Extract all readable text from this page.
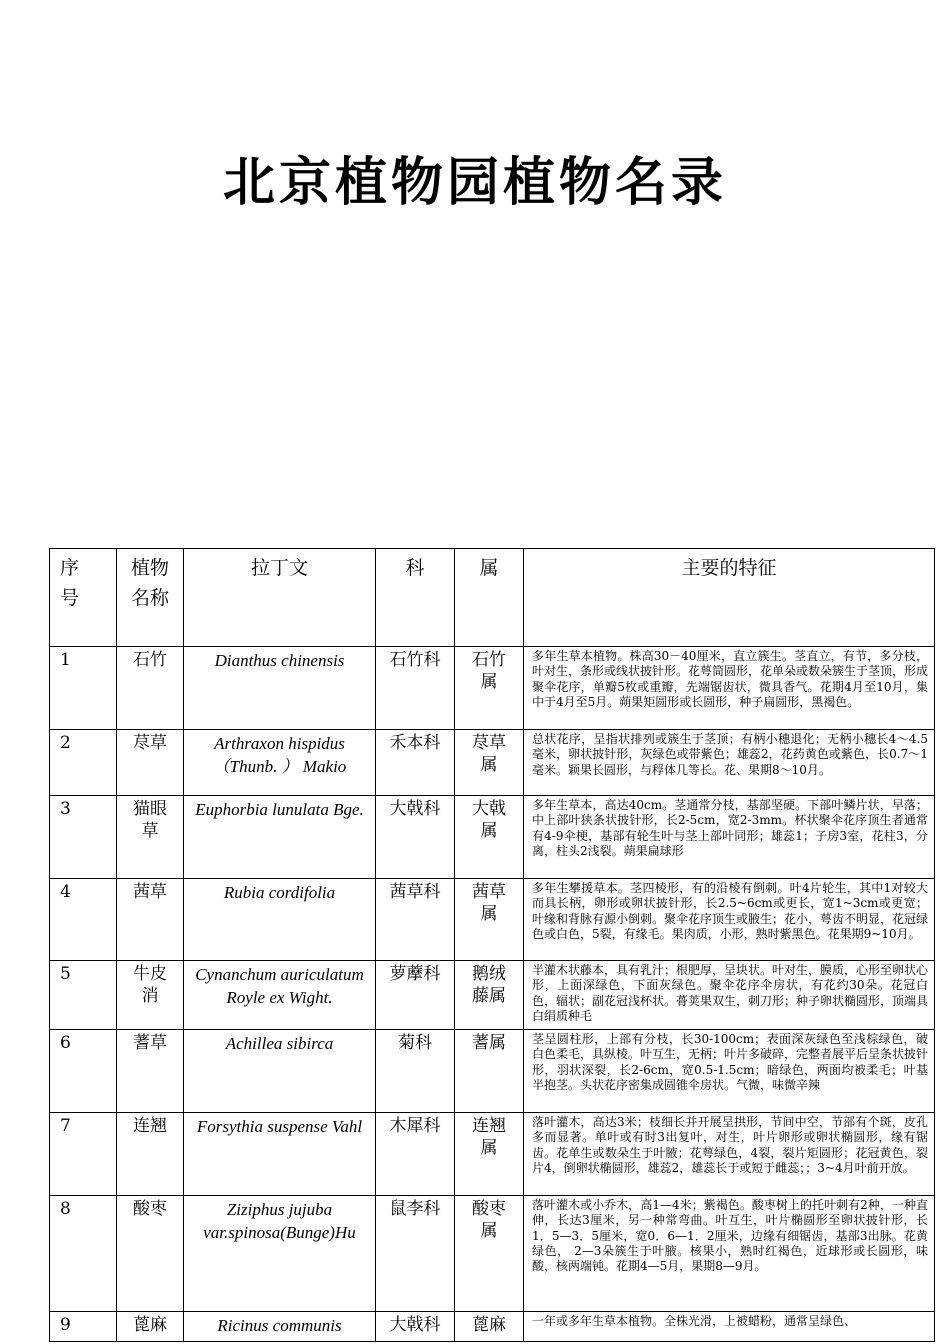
北京植物园植物名录
序号	植物名称	拉丁文	科	属	主要的特征
1	石竹	Dianthus chinensis	石竹科	石竹属	多年生草本植物。株高30－40厘米，直立簇生。茎直立，有节，多分枝，叶对生，条形或线状披针形。花萼筒圆形，花单朵或数朵簇生于茎顶，形成聚伞花序，单瓣5枚或重瓣，先端锯齿状，微具香气。花期4月至10月，集中于4月至5月。蒴果矩圆形或长圆形，种子扁圆形，黑褐色。
2	荩草	Arthraxon hispidus （Thunb. ） Makio	禾本科	荩草属	总状花序，呈指状排列或簇生于茎顶；有柄小穗退化；无柄小穗长4～4.5毫米，卵状披针形，灰绿色或带紫色；雄蕊2，花药黄色或紫色，长0.7～1毫米。颖果长圆形，与稃体几等长。花、果期8～10月。
3	猫眼草	Euphorbia lunulata Bge.	大戟科	大戟属	多年生草本，高达40cm。茎通常分枝，基部坚硬。下部叶鳞片状，早落；中上部叶狭条状披针形，长2-5cm，宽2-3mm。杯状聚伞花序顶生者通常有4-9伞梗，基部有轮生叶与茎上部叶同形；雄蕊1；子房3室，花柱3，分离，柱头2浅裂。蒴果扁球形
4	茜草	Rubia cordifolia	茜草科	茜草属	多年生攀援草本。茎四棱形，有的沿棱有倒刺。叶4片轮生，其中1对较大而具长柄，卵形或卵状披针形，长2.5~6cm或更长，宽1~3cm或更宽；叶缘和背脉有源小倒刺。聚伞花序顶生或腋生；花小，萼齿不明显，花冠绿色或白色，5裂，有缘毛。果肉质，小形，熟时紫黑色。花果期9~10月。
5	牛皮消	Cynanchum auriculatum Royle ex Wight.	萝藦科	鹅绒藤属	半灌木状藤本，具有乳汁；根肥厚，呈块状。叶对生，膜质，心形至卵状心形，上面深绿色，下面灰绿色。聚伞花序伞房状，有花约30朵。花冠白色，辐状；副花冠浅杯状。蓇荚果双生，刺刀形；种子卵状椭圆形，顶端具白绢质种毛
6	蓍草	Achillea sibirca	菊科	蓍属	茎呈圆柱形，上部有分枝，长30-100cm；表面深灰绿色至浅棕绿色，破白色柔毛，具纵棱。叶互生，无柄；叶片多破碎，完整者展平后呈条状披针形，羽状深裂，长2-6cm，宽0.5-1.5cm；暗绿色，两面均被柔毛；叶基半抱茎。头状花序密集成圆锥伞房状。气微，味微辛辣
7	连翘	Forsythia suspense Vahl	木犀科	连翘属	落叶灌木，高达3米；枝细长并开展呈拱形，节间中空，节部有个斑，皮孔多而显著。单叶或有时3出复叶，对生，叶片卵形或卵状椭圆形，缘有锯齿。花单生或数朵生于叶腋；花萼绿色，4裂，裂片矩圆形；花冠黄色，裂片4，倒卵状椭圆形，雄蕊2，雄蕊长于或短于雌蕊；；3~4月叶前开放。
8	酸枣	Ziziphus jujuba var.spinosa(Bunge)Hu	鼠李科	酸枣属	落叶灌木或小乔木，高1—4米；紫褐色。酸枣树上的托叶刺有2种，一种直伸，长达3厘米，另一种常弯曲。叶互生，叶片椭圆形至卵状披针形，长1．5—3．5厘米，宽0．6—1．2厘米，边缘有细锯齿，基部3出脉。花黄绿色， 2—3朵簇生于叶腋。核果小，熟时红褐色，近球形或长圆形，味酸，核两端钝。花期4—5月，果期8—9月。
9	蓖麻	Ricinus communis	大戟科	蓖麻	一年或多年生草本植物。全株光滑，上被蜡粉，通常呈绿色、
